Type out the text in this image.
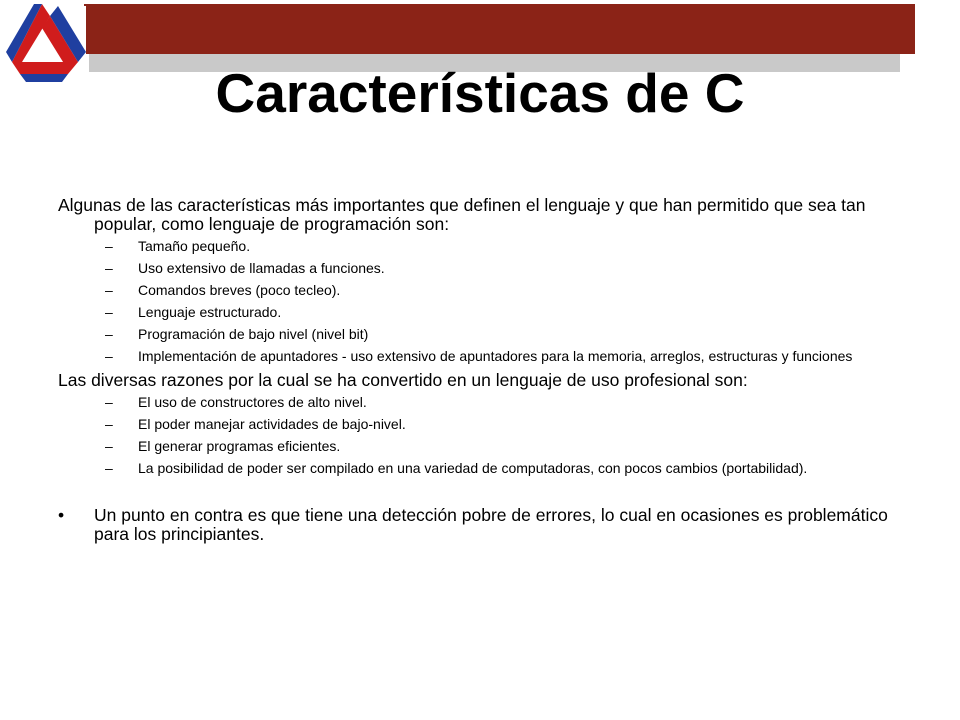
Características de C

Algunas de las características más importantes que definen el lenguaje y que han permitido que sea tan popular, como lenguaje de programación son:

– Tamaño pequeño.
– Uso extensivo de llamadas a funciones.
– Comandos breves (poco tecleo).
– Lenguaje estructurado.
– Programación de bajo nivel (nivel bit)
– Implementación de apuntadores - uso extensivo de apuntadores para la memoria, arreglos, estructuras y funciones

Las diversas razones por la cual se ha convertido en un lenguaje de uso profesional son:

– El uso de constructores de alto nivel.
– El poder manejar actividades de bajo-nivel.
– El generar programas eficientes.
– La posibilidad de poder ser compilado en una variedad de computadoras, con pocos cambios (portabilidad).
• Un punto en contra es que tiene una detección pobre de errores, lo cual en ocasiones es problemático para los principiantes.
